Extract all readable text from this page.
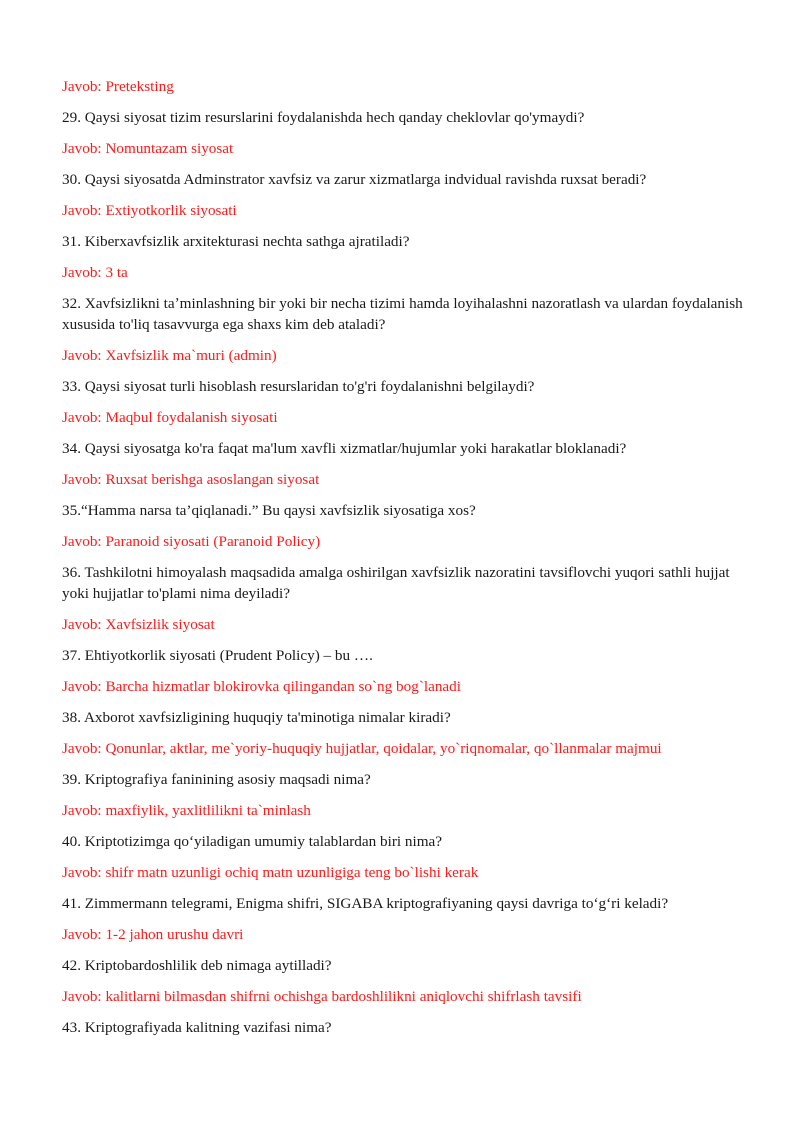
Javob: Preteksting

29. Qaysi siyosat tizim resurslarini foydalanishda hech qanday cheklovlar qo'ymaydi?

Javob: Nomuntazam siyosat

30. Qaysi siyosatda Adminstrator xavfsiz va zarur xizmatlarga indvidual ravishda ruxsat beradi?

Javob: Extiyotkorlik siyosati

31. Kiberxavfsizlik arxitekturasi nechta sathga ajratiladi?

Javob: 3 ta

32. Xavfsizlikni taʼminlashning bir yoki bir necha tizimi hamda loyihalashni nazoratlash va ulardan foydalanish xususida to'liq tasavvurga ega shaxs kim deb ataladi?

Javob: Xavfsizlik ma`muri (admin)

33. Qaysi siyosat turli hisoblash resurslaridan to'g'ri foydalanishni belgilaydi?

Javob: Maqbul foydalanish siyosati

34. Qaysi siyosatga ko'ra faqat ma'lum xavfli xizmatlar/hujumlar yoki harakatlar bloklanadi?

Javob: Ruxsat berishga asoslangan siyosat

35.“Hamma narsa ta’qiqlanadi.” Bu qaysi xavfsizlik siyosatiga xos?

Javob: Paranoid siyosati (Paranoid Policy)

36. Tashkilotni himoyalash maqsadida amalga oshirilgan xavfsizlik nazoratini tavsiflovchi yuqori sathli hujjat yoki hujjatlar to'plami nima deyiladi?

Javob: Xavfsizlik siyosat

37. Ehtiyotkorlik siyosati (Prudent Policy) – bu ….

Javob: Barcha hizmatlar blokirovka qilingandan so`ng bog`lanadi

38. Axborot xavfsizligining huquqiy ta'minotiga nimalar kiradi?

Javob: Qonunlar, aktlar, me`yoriy-huquqiy hujjatlar, qoidalar, yo`riqnomalar, qo`llanmalar majmui

39. Kriptografiya faninining asosiy maqsadi nima?

Javob: maxfiylik, yaxlitlilikni ta`minlash

40. Kriptotizimga qo‘yiladigan umumiy talablardan biri nima?

Javob: shifr matn uzunligi ochiq matn uzunligiga teng bo`lishi kerak

41. Zimmermann telegrami, Enigma shifri, SIGABA kriptografiyaning qaysi davriga to‘g‘ri keladi?

Javob: 1-2 jahon urushu davri

42. Kriptobardoshlilik deb nimaga aytilladi?

Javob: kalitlarni bilmasdan shifrni ochishga bardoshlilikni aniqlovchi shifrlash tavsifi

43. Kriptografiyada kalitning vazifasi nima?
